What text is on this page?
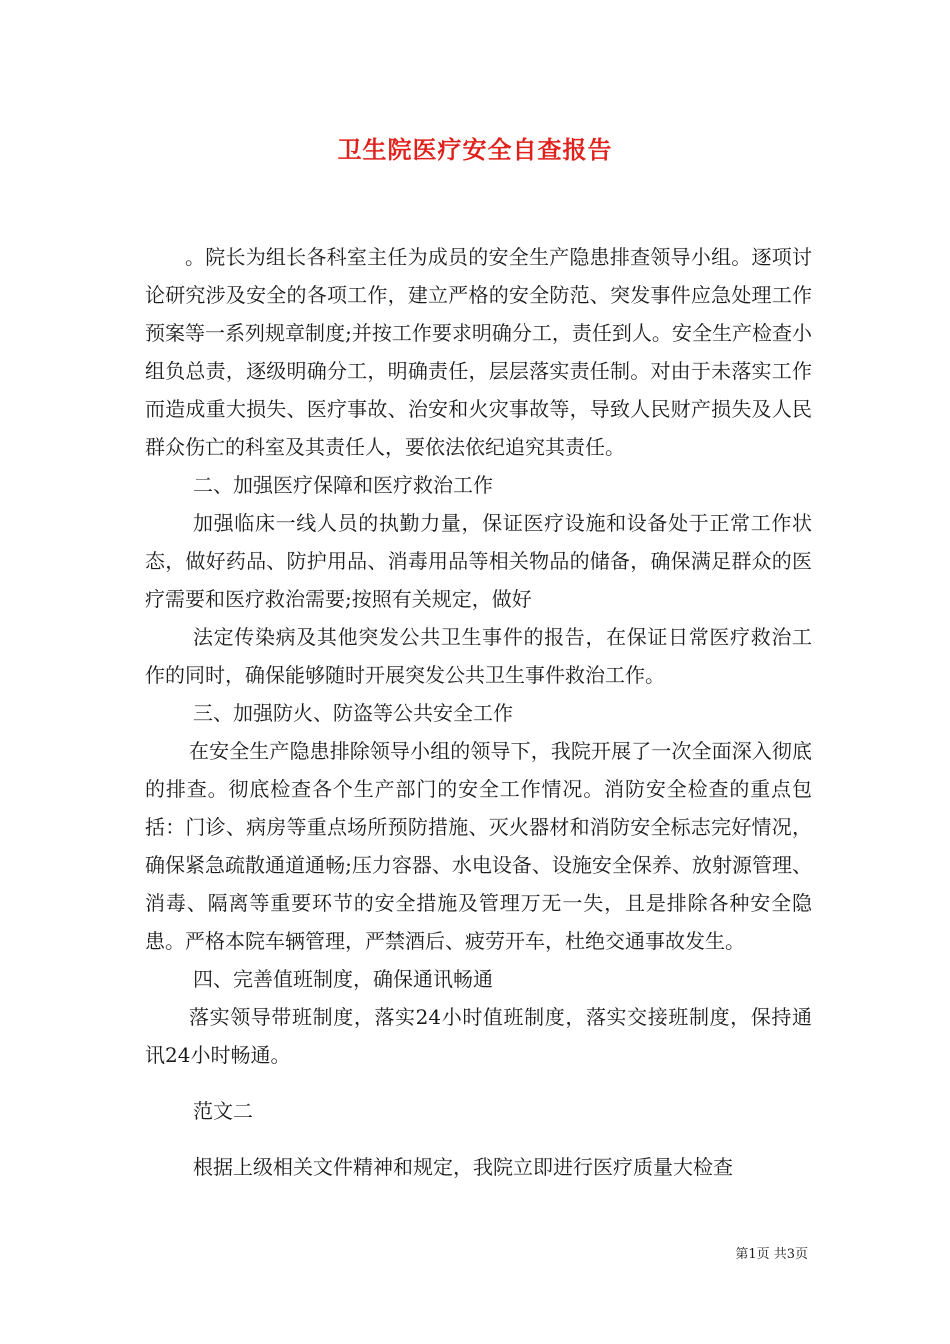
卫生院医疗安全自查报告

。院长为组长各科室主任为成员的安全生产隐患排查领导小组。逐项讨论研究涉及安全的各项工作，建立严格的安全防范、突发事件应急处理工作预案等一系列规章制度;并按工作要求明确分工，责任到人。安全生产检查小组负总责，逐级明确分工，明确责任，层层落实责任制。对由于未落实工作而造成重大损失、医疗事故、治安和火灾事故等，导致人民财产损失及人民群众伤亡的科室及其责任人，要依法依纪追究其责任。

二、加强医疗保障和医疗救治工作

加强临床一线人员的执勤力量，保证医疗设施和设备处于正常工作状态，做好药品、防护用品、消毒用品等相关物品的储备，确保满足群众的医疗需要和医疗救治需要;按照有关规定，做好

法定传染病及其他突发公共卫生事件的报告，在保证日常医疗救治工作的同时，确保能够随时开展突发公共卫生事件救治工作。

三、加强防火、防盗等公共安全工作

在安全生产隐患排除领导小组的领导下，我院开展了一次全面深入彻底的排查。彻底检查各个生产部门的安全工作情况。消防安全检查的重点包括：门诊、病房等重点场所预防措施、灭火器材和消防安全标志完好情况，确保紧急疏散通道通畅;压力容器、水电设备、设施安全保养、放射源管理、消毒、隔离等重要环节的安全措施及管理万无一失，且是排除各种安全隐患。严格本院车辆管理，严禁酒后、疲劳开车，杜绝交通事故发生。

四、完善值班制度，确保通讯畅通

落实领导带班制度，落实24小时值班制度，落实交接班制度，保持通讯24小时畅通。

范文二

根据上级相关文件精神和规定，我院立即进行医疗质量大检查

第1页 共3页
